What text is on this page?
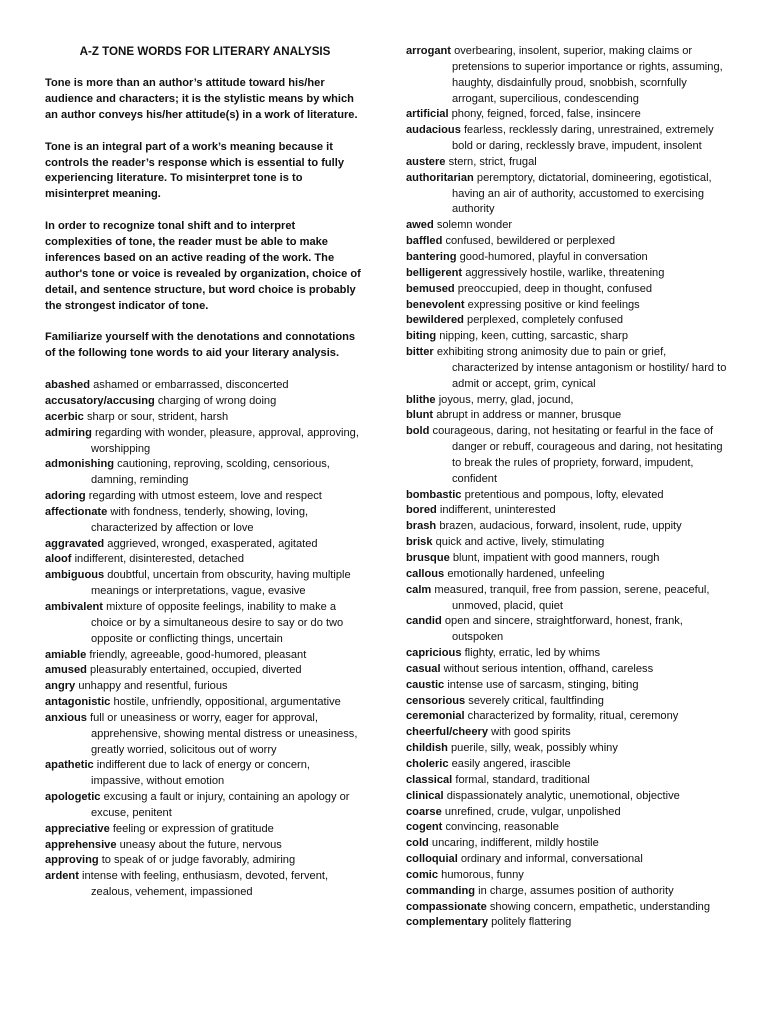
A-Z TONE WORDS FOR LITERARY ANALYSIS
Tone is more than an author’s attitude toward his/her audience and characters; it is the stylistic means by which an author conveys his/her attitude(s) in a work of literature.
Tone is an integral part of a work’s meaning because it controls the reader’s response which is essential to fully experiencing literature. To misinterpret tone is to misinterpret meaning.
In order to recognize tonal shift and to interpret complexities of tone, the reader must be able to make inferences based on an active reading of the work. The author's tone or voice is revealed by organization, choice of detail, and sentence structure, but word choice is probably the strongest indicator of tone.
Familiarize yourself with the denotations and connotations of the following tone words to aid your literary analysis.
abashed ashamed or embarrassed, disconcerted
accusatory/accusing charging of wrong doing
acerbic sharp or sour, strident, harsh
admiring regarding with wonder, pleasure, approval, approving, worshipping
admonishing cautioning, reproving, scolding, censorious, damning, reminding
adoring regarding with utmost esteem, love and respect
affectionate with fondness, tenderly, showing, loving, characterized by affection or love
aggravated aggrieved, wronged, exasperated, agitated
aloof indifferent, disinterested, detached
ambiguous doubtful, uncertain from obscurity, having multiple meanings or interpretations, vague, evasive
ambivalent mixture of opposite feelings, inability to make a choice or by a simultaneous desire to say or do two opposite or conflicting things, uncertain
amiable friendly, agreeable, good-humored, pleasant
amused pleasurably entertained, occupied, diverted
angry unhappy and resentful, furious
antagonistic hostile, unfriendly, oppositional, argumentative
anxious full or uneasiness or worry, eager for approval, apprehensive, showing mental distress or uneasiness, greatly worried, solicitous out of worry
apathetic indifferent due to lack of energy or concern, impassive, without emotion
apologetic excusing a fault or injury, containing an apology or excuse, penitent
appreciative feeling or expression of gratitude
apprehensive uneasy about the future, nervous
approving to speak of or judge favorably, admiring
ardent intense with feeling, enthusiasm, devoted, fervent, zealous, vehement, impassioned
arrogant overbearing, insolent, superior, making claims or pretensions to superior importance or rights, assuming, haughty, disdainfully proud, snobbish, scornfully arrogant, supercilious, condescending
artificial phony, feigned, forced, false, insincere
audacious fearless, recklessly daring, unrestrained, extremely bold or daring, recklessly brave, impudent, insolent
austere stern, strict, frugal
authoritarian peremptory, dictatorial, domineering, egotistical, having an air of authority, accustomed to exercising authority
awed solemn wonder
baffled confused, bewildered or perplexed
bantering good-humored, playful in conversation
belligerent aggressively hostile, warlike, threatening
bemused preoccupied, deep in thought, confused
benevolent expressing positive or kind feelings
bewildered perplexed, completely confused
biting nipping, keen, cutting, sarcastic, sharp
bitter exhibiting strong animosity due to pain or grief, characterized by intense antagonism or hostility/ hard to admit or accept, grim, cynical
blithe joyous, merry, glad, jocund,
blunt abrupt in address or manner, brusque
bold courageous, daring, not hesitating or fearful in the face of danger or rebuff, courageous and daring, not hesitating to break the rules of propriety, forward, impudent, confident
bombastic pretentious and pompous, lofty, elevated
bored indifferent, uninterested
brash brazen, audacious, forward, insolent, rude, uppity
brisk quick and active, lively, stimulating
brusque blunt, impatient with good manners, rough
callous emotionally hardened, unfeeling
calm measured, tranquil, free from passion, serene, peaceful, unmoved, placid, quiet
candid open and sincere, straightforward, honest, frank, outspoken
capricious flighty, erratic, led by whims
casual without serious intention, offhand, careless
caustic intense use of sarcasm, stinging, biting
censorious severely critical, faultfinding
ceremonial characterized by formality, ritual, ceremony
cheerful/cheery with good spirits
childish puerile, silly, weak, possibly whiny
choleric easily angered, irascible
classical formal, standard, traditional
clinical dispassionately analytic, unemotional, objective
coarse unrefined, crude, vulgar, unpolished
cogent convincing, reasonable
cold uncaring, indifferent, mildly hostile
colloquial ordinary and informal, conversational
comic humorous, funny
commanding in charge, assumes position of authority
compassionate showing concern, empathetic, understanding
complementary politely flattering
